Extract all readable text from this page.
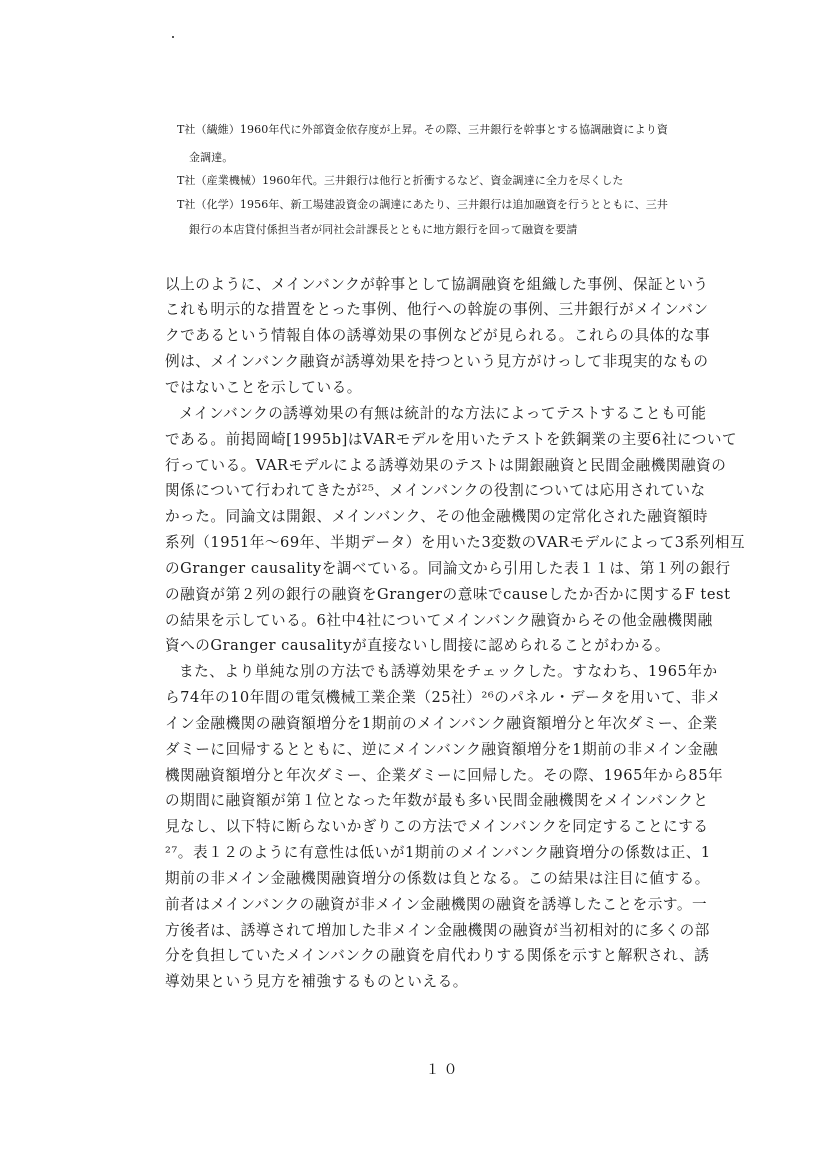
T社（繊維）1960年代に外部資金依存度が上昇。その際、三井銀行を幹事とする協調融資により資
金調達。
T社（産業機械）1960年代。三井銀行は他行と折衝するなど、資金調達に全力を尽くした
T社（化学）1956年、新工場建設資金の調達にあたり、三井銀行は追加融資を行うとともに、三井
銀行の本店貸付係担当者が同社会計課長とともに地方銀行を回って融資を要請
以上のように、メインバンクが幹事として協調融資を組織した事例、保証という
これも明示的な措置をとった事例、他行への斡旋の事例、三井銀行がメインバン
クであるという情報自体の誘導効果の事例などが見られる。これらの具体的な事
例は、メインバンク融資が誘導効果を持つという見方がけっして非現実的なもの
ではないことを示している。
メインバンクの誘導効果の有無は統計的な方法によってテストすることも可能
である。前掲岡崎[1995b]はVARモデルを用いたテストを鉄鋼業の主要6社について
行っている。VARモデルによる誘導効果のテストは開銀融資と民間金融機関融資の
関係について行われてきたが²⁵、メインバンクの役割については応用されていな
かった。同論文は開銀、メインバンク、その他金融機関の定常化された融資額時
系列（1951年～69年、半期データ）を用いた3変数のVARモデルによって3系列相互
のGranger causalityを調べている。同論文から引用した表１１は、第１列の銀行
の融資が第２列の銀行の融資をGrangerの意味でcauseしたか否かに関するF test
の結果を示している。6社中4社についてメインバンク融資からその他金融機関融
資へのGranger causalityが直接ないし間接に認められることがわかる。
また、より単純な別の方法でも誘導効果をチェックした。すなわち、1965年か
ら74年の10年間の電気機械工業企業（25社）²⁶のパネル・データを用いて、非メ
イン金融機関の融資額増分を1期前のメインバンク融資額増分と年次ダミー、企業
ダミーに回帰するとともに、逆にメインバンク融資額増分を1期前の非メイン金融
機関融資額増分と年次ダミー、企業ダミーに回帰した。その際、1965年から85年
の期間に融資額が第１位となった年数が最も多い民間金融機関をメインバンクと
見なし、以下特に断らないかぎりこの方法でメインバンクを同定することにする
²⁷。表１２のように有意性は低いが1期前のメインバンク融資増分の係数は正、1
期前の非メイン金融機関融資増分の係数は負となる。この結果は注目に値する。
前者はメインバンクの融資が非メイン金融機関の融資を誘導したことを示す。一
方後者は、誘導されて増加した非メイン金融機関の融資が当初相対的に多くの部
分を負担していたメインバンクの融資を肩代わりする関係を示すと解釈され、誘
導効果という見方を補強するものといえる。
１０
